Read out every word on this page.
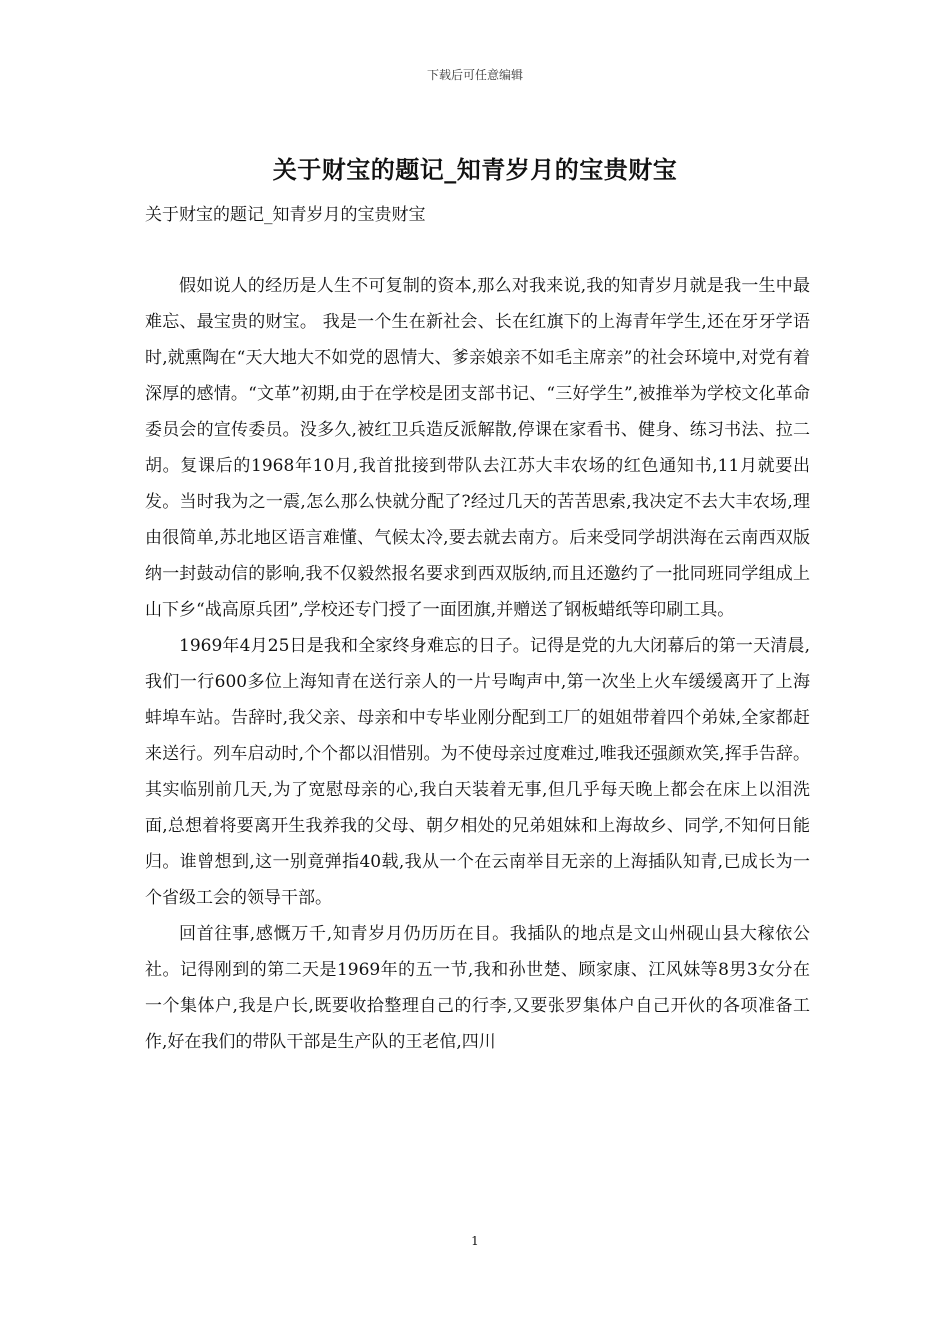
下载后可任意编辑
关于财宝的题记_知青岁月的宝贵财宝
关于财宝的题记_知青岁月的宝贵财宝

假如说人的经历是人生不可复制的资本,那么对我来说,我的知青岁月就是我一生中最难忘、最宝贵的财宝。 我是一个生在新社会、长在红旗下的上海青年学生,还在牙牙学语时,就熏陶在“天大地大不如党的恩情大、爹亲娘亲不如毛主席亲”的社会环境中,对党有着深厚的感情。“文革”初期,由于在学校是团支部书记、“三好学生”,被推举为学校文化革命委员会的宣传委员。没多久,被红卫兵造反派解散,停课在家看书、健身、练习书法、拉二胡。复课后的1968年10月,我首批接到带队去江苏大丰农场的红色通知书,11月就要出发。当时我为之一震,怎么那么快就分配了?经过几天的苦苦思索,我决定不去大丰农场,理由很简单,苏北地区语言难懂、气候太冷,要去就去南方。后来受同学胡洪海在云南西双版纳一封鼓动信的影响,我不仅毅然报名要求到西双版纳,而且还邀约了一批同班同学组成上山下乡“战高原兵团”,学校还专门授了一面团旗,并赠送了钢板蜡纸等印刷工具。

1969年4月25日是我和全家终身难忘的日子。记得是党的九大闭幕后的第一天清晨,我们一行600多位上海知青在送行亲人的一片号啕声中,第一次坐上火车缓缓离开了上海蚌埠车站。告辞时,我父亲、母亲和中专毕业刚分配到工厂的姐姐带着四个弟妹,全家都赶来送行。列车启动时,个个都以泪惜别。为不使母亲过度难过,唯我还强颜欢笑,挥手告辞。其实临别前几天,为了宽慰母亲的心,我白天装着无事,但几乎每天晚上都会在床上以泪洗面,总想着将要离开生我养我的父母、朝夕相处的兄弟姐妹和上海故乡、同学,不知何日能归。谁曾想到,这一别竟弹指40载,我从一个在云南举目无亲的上海插队知青,已成长为一个省级工会的领导干部。

回首往事,感慨万千,知青岁月仍历历在目。我插队的地点是文山州砚山县大稼依公社。记得刚到的第二天是1969年的五一节,我和孙世楚、顾家康、江风妹等8男3女分在一个集体户,我是户长,既要收拾整理自己的行李,又要张罗集体户自己开伙的各项准备工作,好在我们的带队干部是生产队的王老倌,四川

1
